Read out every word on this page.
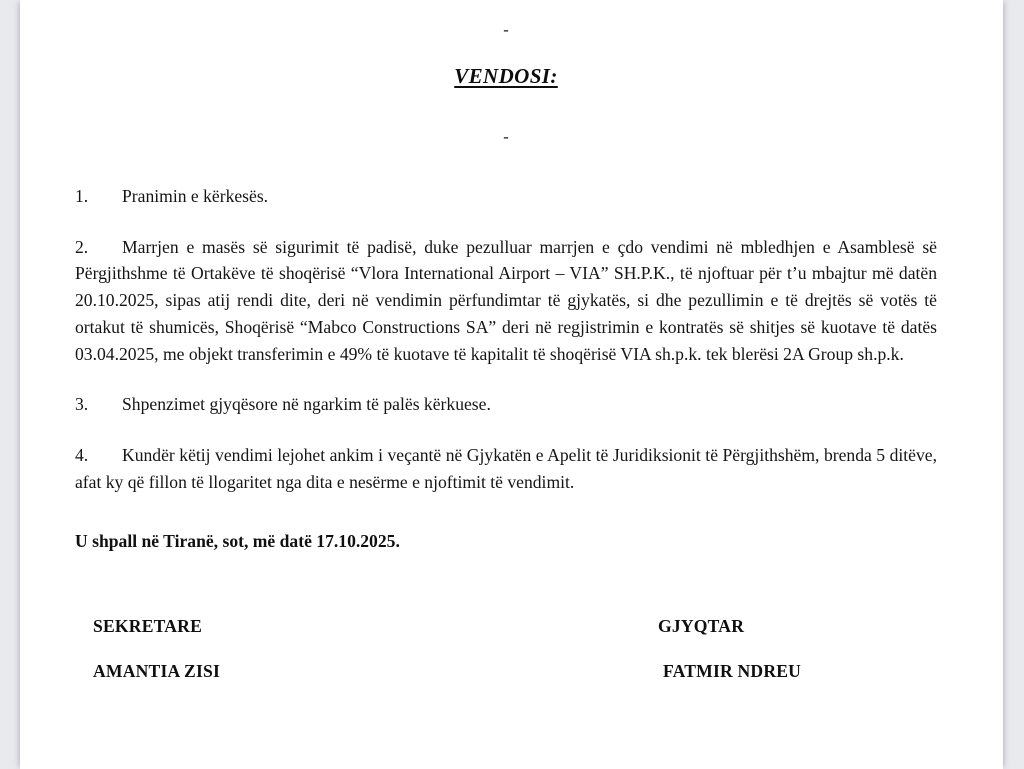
-
VENDOSI:
-

1. Pranimin e kërkesës.

2. Marrjen e masës së sigurimit të padisë, duke pezulluar marrjen e çdo vendimi në mbledhjen e Asamblesë së Përgjithshme të Ortakëve të shoqërisë “Vlora International Airport – VIA” SH.P.K., të njoftuar për t’u mbajtur më datën 20.10.2025, sipas atij rendi dite, deri në vendimin përfundimtar të gjykatës, si dhe pezullimin e të drejtës së votës të ortakut të shumicës, Shoqërisë “Mabco Constructions SA” deri në regjistrimin e kontratës së shitjes së kuotave të datës 03.04.2025, me objekt transferimin e 49% të kuotave të kapitalit të shoqërisë VIA sh.p.k. tek blerësi 2A Group sh.p.k.

3. Shpenzimet gjyqësore në ngarkim të palës kërkuese.

4. Kundër këtij vendimi lejohet ankim i veçantë në Gjykatën e Apelit të Juridiksionit të Përgjithshëm, brenda 5 ditëve, afat ky që fillon të llogaritet nga dita e nesërme e njoftimit të vendimit.

U shpall në Tiranë, sot, më datë 17.10.2025.
SEKRETARE	GJYQTAR
AMANTIA ZISI	FATMIR NDREU
